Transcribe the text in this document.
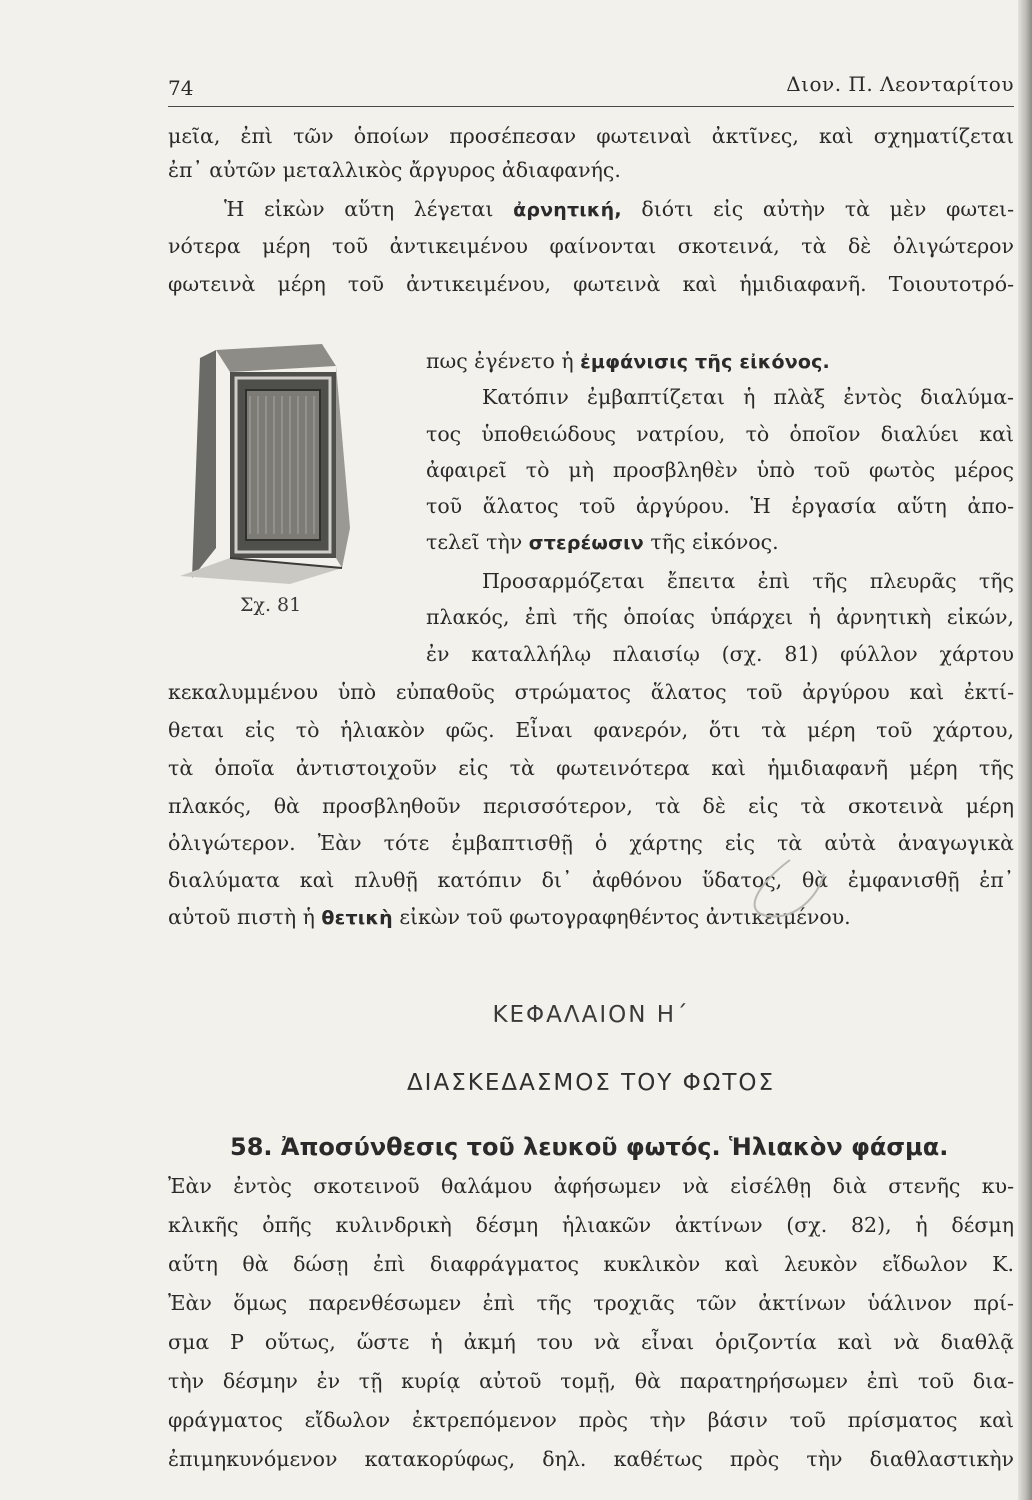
74	Διον. Π. Λεονταρίτου
μεῖα, ἐπὶ τῶν ὁποίων προσέπεσαν φωτειναὶ ἀκτῖνες, καὶ σχηματίζεται
ἐπ᾽ αὐτῶν μεταλλικὸς ἄργυρος ἀδιαφανής.
Ἡ εἰκὼν αὕτη λέγεται ἀρνητική, διότι εἰς αὐτὴν τὰ μὲν φωτει-
νότερα μέρη τοῦ ἀντικειμένου φαίνονται σκοτεινά, τὰ δὲ ὀλιγώτερον
φωτεινὰ μέρη τοῦ ἀντικειμένου, φωτεινὰ καὶ ἡμιδιαφανῆ. Τοιουτοτρό-
Σχ. 81
πως ἐγένετο ἡ ἐμφάνισις τῆς εἰκόνος.
Κατόπιν ἐμβαπτίζεται ἡ πλὰξ ἐντὸς διαλύμα-
τος ὑποθειώδους νατρίου, τὸ ὁποῖον διαλύει καὶ
ἀφαιρεῖ τὸ μὴ προσβληθὲν ὑπὸ τοῦ φωτὸς μέρος
τοῦ ἅλατος τοῦ ἀργύρου. Ἡ ἐργασία αὕτη ἀπο-
τελεῖ τὴν στερέωσιν τῆς εἰκόνος.
Προσαρμόζεται ἔπειτα ἐπὶ τῆς πλευρᾶς τῆς
πλακός, ἐπὶ τῆς ὁποίας ὑπάρχει ἡ ἀρνητικὴ εἰκών,
ἐν καταλλήλῳ πλαισίῳ (σχ. 81) φύλλον χάρτου
κεκαλυμμένου ὑπὸ εὐπαθοῦς στρώματος ἅλατος τοῦ ἀργύρου καὶ ἐκτί-
θεται εἰς τὸ ἡλιακὸν φῶς. Εἶναι φανερόν, ὅτι τὰ μέρη τοῦ χάρτου,
τὰ ὁποῖα ἀντιστοιχοῦν εἰς τὰ φωτεινότερα καὶ ἡμιδιαφανῆ μέρη τῆς
πλακός, θὰ προσβληθοῦν περισσότερον, τὰ δὲ εἰς τὰ σκοτεινὰ μέρη
ὀλιγώτερον. Ἐὰν τότε ἐμβαπτισθῇ ὁ χάρτης εἰς τὰ αὐτὰ ἀναγωγικὰ
διαλύματα καὶ πλυθῇ κατόπιν δι᾽ ἀφθόνου ὕδατος, θὰ ἐμφανισθῇ ἐπ᾽
αὐτοῦ πιστὴ ἡ θετικὴ εἰκὼν τοῦ φωτογραφηθέντος ἀντικειμένου.
ΚΕΦΑΛΑΙΟΝ Η΄
ΔΙΑΣΚΕΔΑΣΜΟΣ ΤΟΥ ΦΩΤΟΣ
58. Ἀποσύνθεσις τοῦ λευκοῦ φωτός. Ἡλιακὸν φάσμα.
Ἐὰν ἐντὸς σκοτεινοῦ θαλάμου ἀφήσωμεν νὰ εἰσέλθῃ διὰ στενῆς κυ-
κλικῆς ὀπῆς κυλινδρικὴ δέσμη ἡλιακῶν ἀκτίνων (σχ. 82), ἡ δέσμη
αὕτη θὰ δώσῃ ἐπὶ διαφράγματος κυκλικὸν καὶ λευκὸν εἴδωλον Κ.
Ἐὰν ὅμως παρενθέσωμεν ἐπὶ τῆς τροχιᾶς τῶν ἀκτίνων ὑάλινον πρί-
σμα Ρ οὕτως, ὥστε ἡ ἀκμή του νὰ εἶναι ὁριζοντία καὶ νὰ διαθλᾷ
τὴν δέσμην ἐν τῇ κυρίᾳ αὐτοῦ τομῇ, θὰ παρατηρήσωμεν ἐπὶ τοῦ δια-
φράγματος εἴδωλον ἐκτρεπόμενον πρὸς τὴν βάσιν τοῦ πρίσματος καὶ
ἐπιμηκυνόμενον κατακορύφως, δηλ. καθέτως πρὸς τὴν διαθλαστικὴν
